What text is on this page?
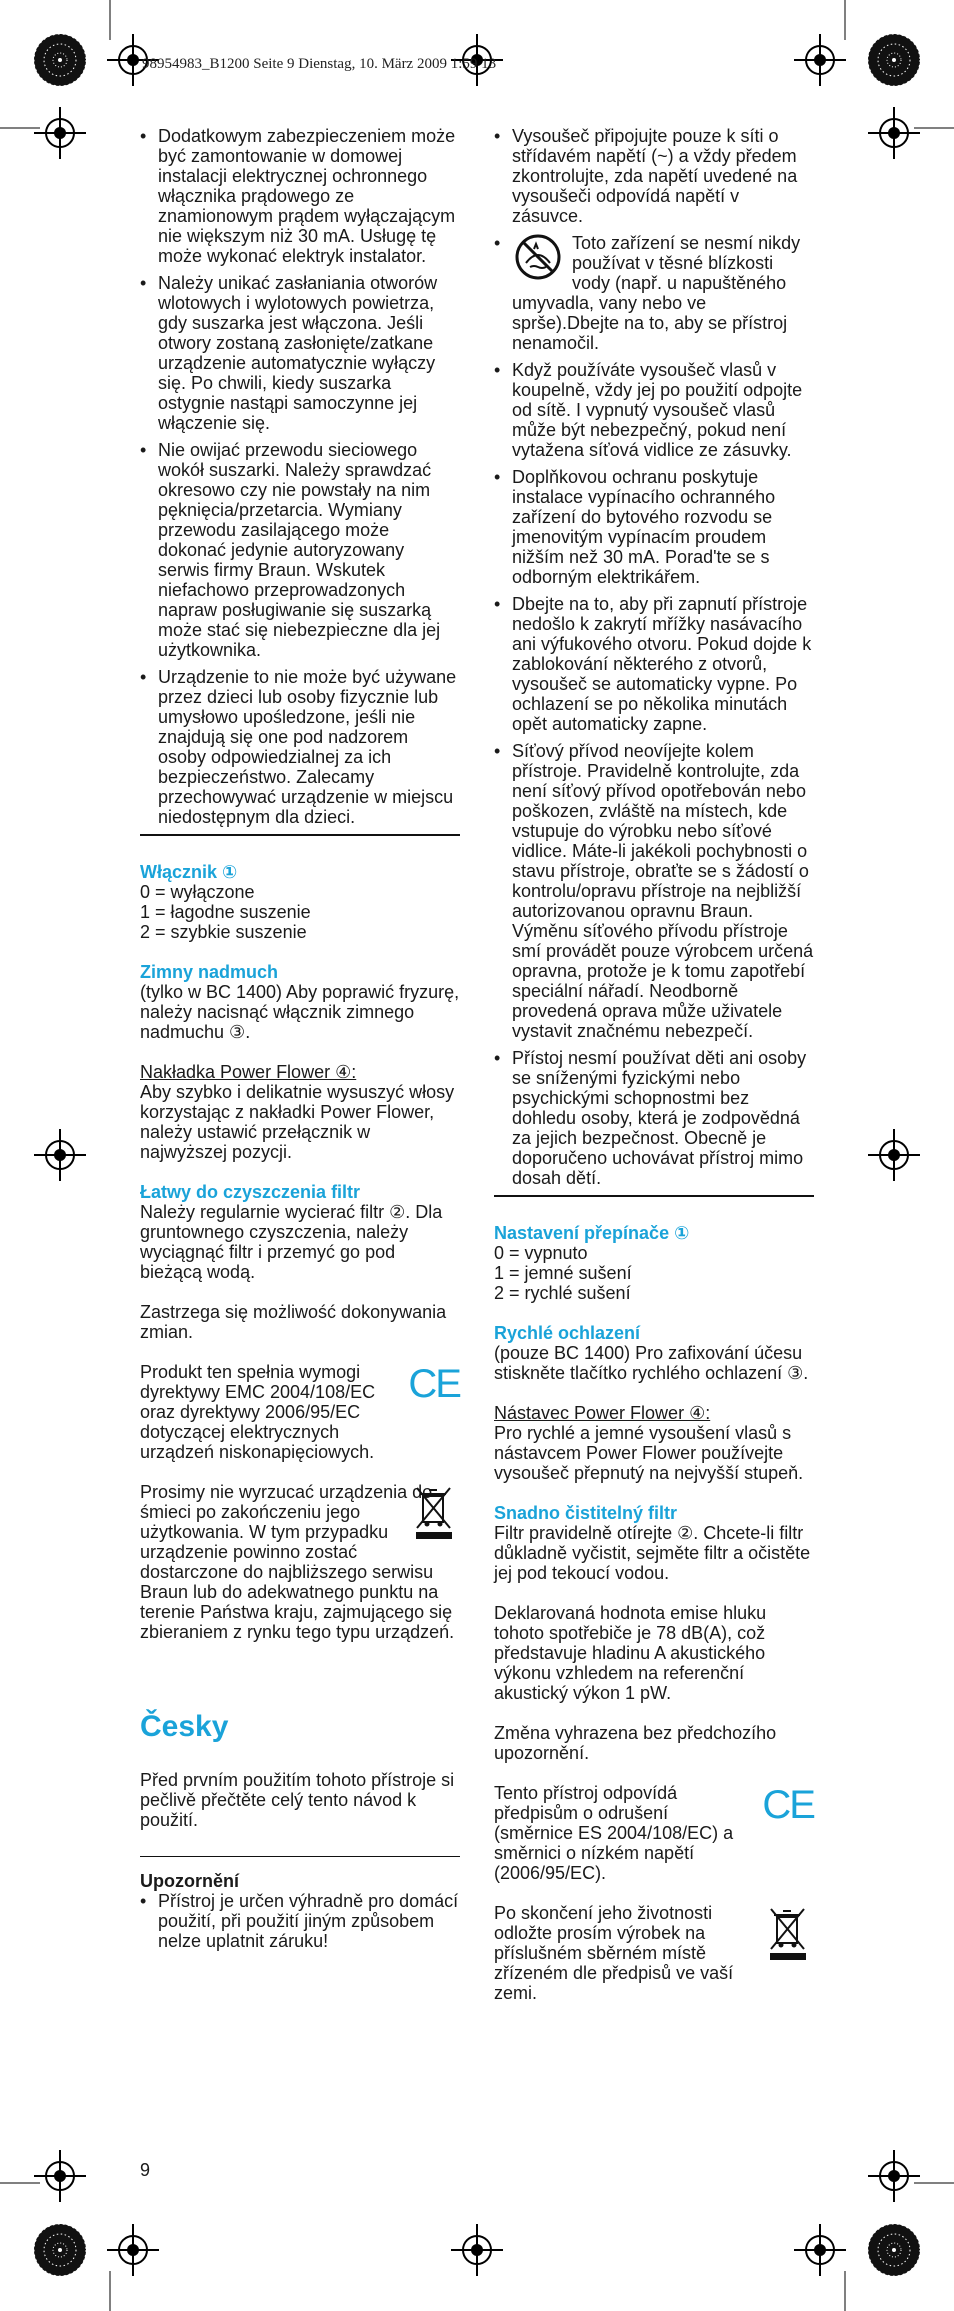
98954983_B1200 Seite 9 Dienstag, 10. März 2009 1:59 13
• Dodatkowym zabezpieczeniem może być zamontowanie w domowej instalacji elektrycznej ochronnego włącznika prądowego ze znamionowym prądem wyłączającym nie większym niż 30 mA. Usługę tę może wykonać elektryk instalator.
• Należy unikać zasłaniania otworów wlotowych i wylotowych powietrza, gdy suszarka jest włączona. Jeśli otwory zostaną zasłonięte/zatkane urządzenie automatycznie wyłączy się. Po chwili, kiedy suszarka ostygnie nastąpi samoczynne jej włączenie się.
• Nie owijać przewodu sieciowego wokół suszarki. Należy sprawdzać okresowo czy nie powstały na nim pęknięcia/przetarcia. Wymiany przewodu zasilającego może dokonać jedynie autoryzowany serwis firmy Braun. Wskutek niefachowo przeprowadzonych napraw posługiwanie się suszarką może stać się niebezpieczne dla jej użytkownika.
• Urządzenie to nie może być używane przez dzieci lub osoby fizycznie lub umysłowo upośledzone, jeśli nie znajdują się one pod nadzorem osoby odpowiedzialnej za ich bezpieczeństwo. Zalecamy przechowywać urządzenie w miejscu niedostępnym dla dzieci.
Włącznik ①
0 = wyłączone
1 = łagodne suszenie
2 = szybkie suszenie
Zimny nadmuch
(tylko w BC 1400) Aby poprawić fryzurę, należy nacisnąć włącznik zimnego nadmuchu ③.
Nakładka Power Flower ④:
Aby szybko i delikatnie wysuszyć włosy korzystając z nakładki Power Flower, należy ustawić przełącznik w najwyższej pozycji.
Łatwy do czyszczenia filtr
Należy regularnie wycierać filtr ②. Dla gruntownego czyszczenia, należy wyciągnąć filtr i przemyć go pod bieżącą wodą.

Zastrzega się możliwość dokonywania zmian.

Produkt ten spełnia wymogi dyrektywy EMC 2004/108/EC oraz dyrektywy 2006/95/EC dotyczącej elektrycznych urządzeń niskonapięciowych.
CE
Prosimy nie wyrzucać urządzenia do śmieci po zakończeniu jego użytkowania. W tym przypadku urządzenie powinno zostać dostarczone do najbliższego serwisu Braun lub do adekwatnego punktu na terenie Państwa kraju, zajmującego się zbieraniem z rynku tego typu urządzeń.
Česky

Před prvním použitím tohoto přístroje si pečlivě přečtěte celý tento návod k použití.

Upozornění
• Přístroj je určen výhradně pro domácí použití, při použití jiným způsobem nelze uplatnit záruku!
• Vysoušeč připojujte pouze k síti o střídavém napětí (~) a vždy předem zkontrolujte, zda napětí uvedené na vysoušeči odpovídá napětí v zásuvce.
• Toto zařízení se nesmí nikdy používat v těsné blízkosti vody (např. u napuštěného umyvadla, vany nebo ve sprše).Dbejte na to, aby se přístroj nenamočil.
• Když používáte vysoušeč vlasů v koupelně, vždy jej po použití odpojte od sítě. I vypnutý vysoušeč vlasů může být nebezpečný, pokud není vytažena síťová vidlice ze zásuvky.
• Doplňkovou ochranu poskytuje instalace vypínacího ochranného zařízení do bytového rozvodu se jmenovitým vypínacím proudem nižším než 30 mA. Porad'te se s odborným elektrikářem.
• Dbejte na to, aby při zapnutí přístroje nedošlo k zakrytí mřížky nasávacího ani výfukového otvoru. Pokud dojde k zablokování některého z otvorů, vysoušeč se automaticky vypne. Po ochlazení se po několika minutách opět automaticky zapne.
• Síťový přívod neovíjejte kolem přístroje. Pravidelně kontrolujte, zda není síťový přívod opotřebován nebo poškozen, zvláště na místech, kde vstupuje do výrobku nebo síťové vidlice. Máte-li jakékoli pochybnosti o stavu přístroje, obraťte se s žádostí o kontrolu/opravu přístroje na nejbližší autorizovanou opravnu Braun. Výměnu síťového přívodu přístroje smí provádět pouze výrobcem určená opravna, protože je k tomu zapotřebí speciální nářadí. Neodborně provedená oprava může uživatele vystavit značnému nebezpečí.
• Přístoj nesmí používat děti ani osoby se sníženými fyzickými nebo psychickými schopnostmi bez dohledu osoby, která je zodpovědná za jejich bezpečnost. Obecně je doporučeno uchovávat přístroj mimo dosah dětí.
Nastavení přepínače ①
0 = vypnuto
1 = jemné sušení
2 = rychlé sušení
Rychlé ochlazení
(pouze BC 1400) Pro zafixování účesu stiskněte tlačítko rychlého ochlazení ③.
Nástavec Power Flower ④:
Pro rychlé a jemné vysoušení vlasů s nástavcem Power Flower používejte vysoušeč přepnutý na nejvyšší stupeň.
Snadno čistitelný filtr
Filtr pravidelně otírejte ②. Chcete-li filtr důkladně vyčistit, sejměte filtr a očistěte jej pod tekoucí vodou.

Deklarovaná hodnota emise hluku tohoto spotřebiče je 78 dB(A), což představuje hladinu A akustického výkonu vzhledem na referenční akustický výkon 1 pW.

Změna vyhrazena bez předchozího upozornění.

Tento přístroj odpovídá předpisům o odrušení (směrnice ES 2004/108/EC) a směrnici o nízkém napětí (2006/95/EC).
CE
Po skončení jeho životnosti odložte prosím výrobek na příslušném sběrném místě zřízeném dle předpisů ve vaší zemi.
9
